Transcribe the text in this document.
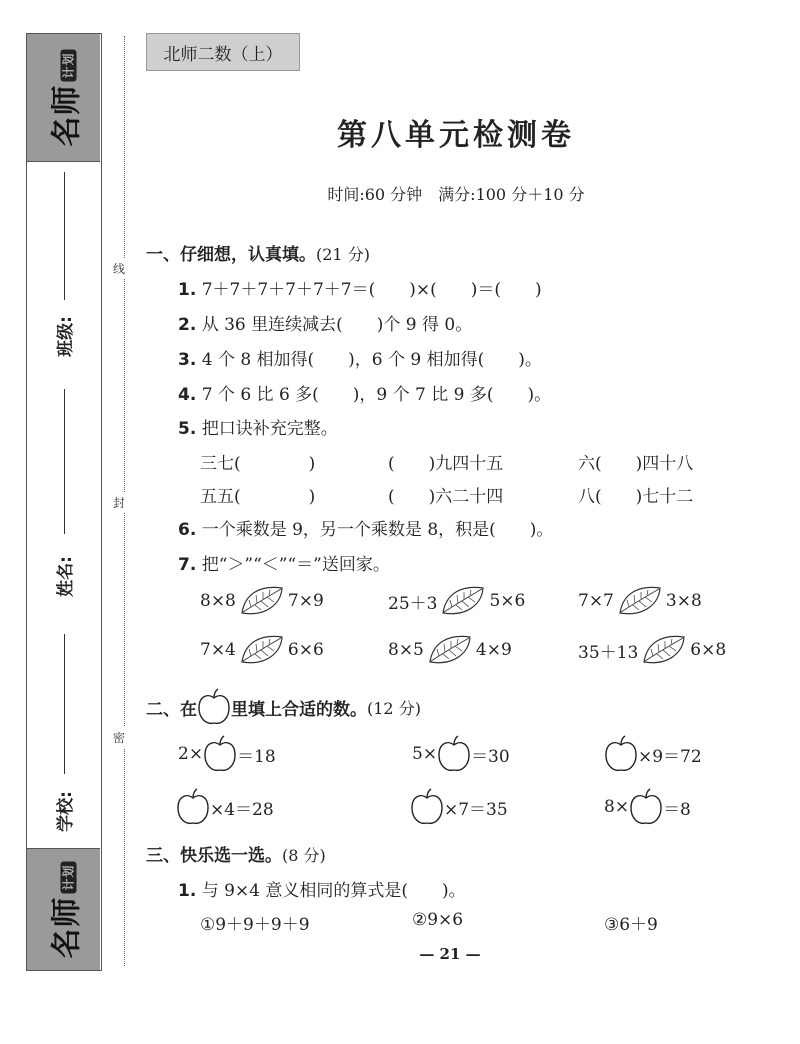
名师计划
班级:
姓名:
学校:
名师计划
线
封
密
北师二数（上）
第八单元检测卷
时间:60 分钟　满分:100 分＋10 分
一、仔细想，认真填。(21 分)
1. 7＋7＋7＋7＋7＋7＝(　　)×(　　)＝(　　)
2. 从 36 里连续减去(　　)个 9 得 0。
3. 4 个 8 相加得(　　)，6 个 9 相加得(　　)。
4. 7 个 6 比 6 多(　　)，9 个 7 比 9 多(　　)。
5. 把口诀补充完整。
三七(　　　　)	(　　)九四十五	六(　　)四十八
五五(　　　　)	(　　)六二十四	八(　　)七十二
6. 一个乘数是 9，另一个乘数是 8，积是(　　)。
7. 把“＞”“＜”“＝”送回家。
8×8	7×9	25＋3	5×6	7×7	3×8
7×4	6×6	8×5	4×9	35＋13	6×8
二、在 里填上合适的数。 (12 分)
2× ＝18	5× ＝30	×9＝72
×4＝28	×7＝35	8× ＝8
三、快乐选一选。(8 分)
1. 与 9×4 意义相同的算式是(　　)。
①9＋9＋9＋9	②9×6	③6＋9
— 21 —
